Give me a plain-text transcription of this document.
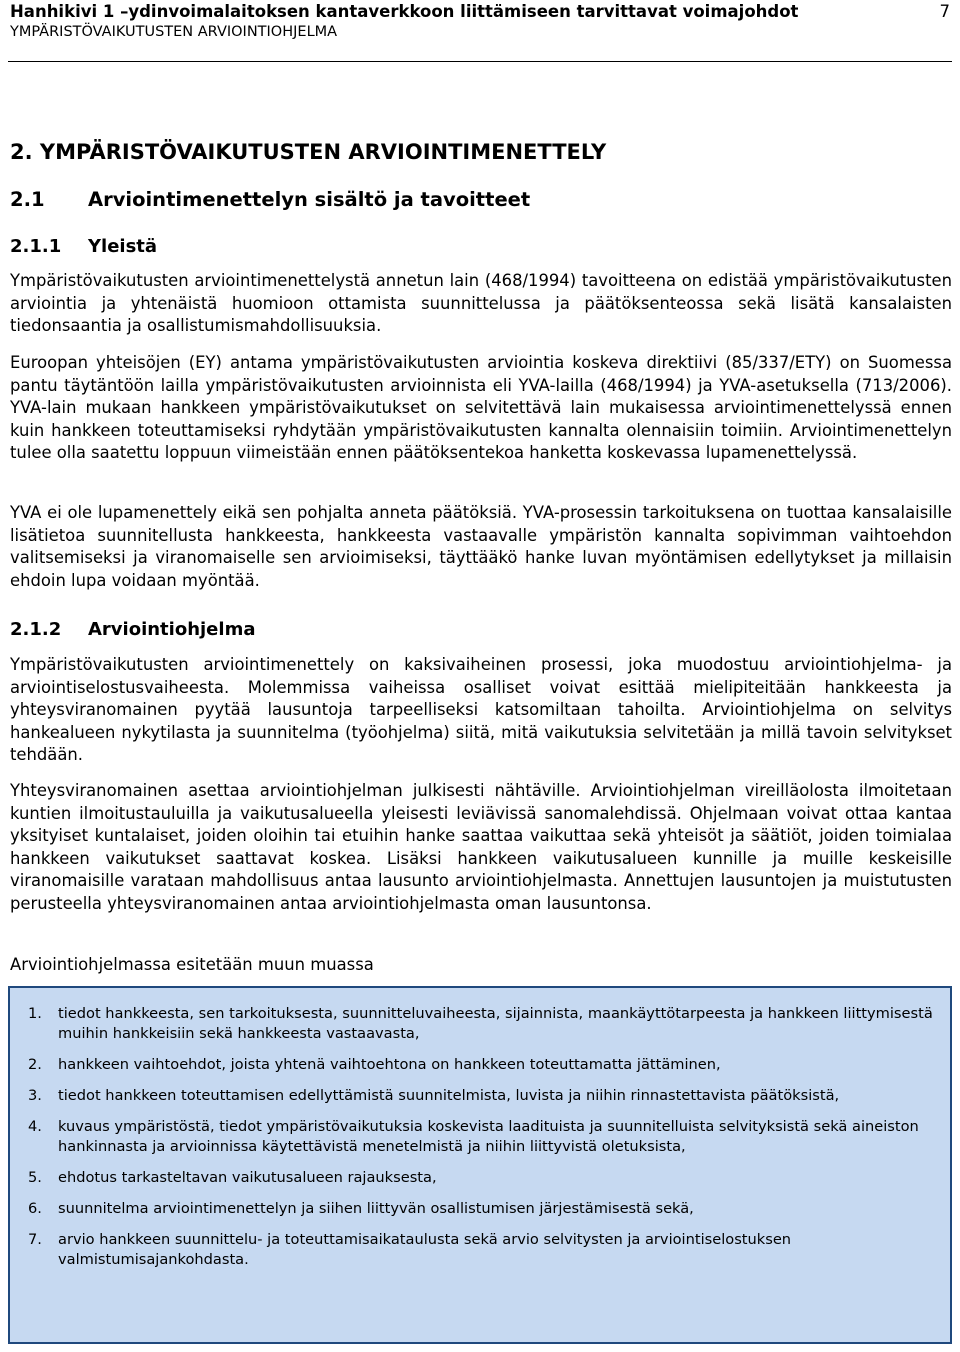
Hanhikivi 1 –ydinvoimalaitoksen kantaverkkoon liittämiseen tarvittavat voimajohdot	7
YMPÄRISTÖVAIKUTUSTEN ARVIOINTIOHJELMA
2. YMPÄRISTÖVAIKUTUSTEN ARVIOINTIMENETTELY
2.1 Arviointimenettelyn sisältö ja tavoitteet
2.1.1 Yleistä

Ympäristövaikutusten arviointimenettelystä annetun lain (468/1994) tavoitteena on edistää ympäristövaikutusten arviointia ja yhtenäistä huomioon ottamista suunnittelussa ja päätöksenteossa sekä lisätä kansalaisten tiedonsaantia ja osallistumismahdollisuuksia.

Euroopan yhteisöjen (EY) antama ympäristövaikutusten arviointia koskeva direktiivi (85/337/ETY) on Suomessa pantu täytäntöön lailla ympäristövaikutusten arvioinnista eli YVA-lailla (468/1994) ja YVA-asetuksella (713/2006). YVA-lain mukaan hankkeen ympäristövaikutukset on selvitettävä lain mukaisessa arviointimenettelyssä ennen kuin hankkeen toteuttamiseksi ryhdytään ympäristövaikutusten kannalta olennaisiin toimiin. Arviointimenettelyn tulee olla saatettu loppuun viimeistään ennen päätöksentekoa hanketta koskevassa lupamenettelyssä.

YVA ei ole lupamenettely eikä sen pohjalta anneta päätöksiä. YVA-prosessin tarkoituksena on tuottaa kansalaisille lisätietoa suunnitellusta hankkeesta, hankkeesta vastaavalle ympäristön kannalta sopivimman vaihtoehdon valitsemiseksi ja viranomaiselle sen arvioimiseksi, täyttääkö hanke luvan myöntämisen edellytykset ja millaisin ehdoin lupa voidaan myöntää.

2.1.2 Arviointiohjelma

Ympäristövaikutusten arviointimenettely on kaksivaiheinen prosessi, joka muodostuu arviointiohjelma- ja arviointiselostusvaiheesta. Molemmissa vaiheissa osalliset voivat esittää mielipiteitään hankkeesta ja yhteysviranomainen pyytää lausuntoja tarpeelliseksi katsomiltaan tahoilta. Arviointiohjelma on selvitys hankealueen nykytilasta ja suunnitelma (työohjelma) siitä, mitä vaikutuksia selvitetään ja millä tavoin selvitykset tehdään.

Yhteysviranomainen asettaa arviointiohjelman julkisesti nähtäville. Arviointiohjelman vireilläolosta ilmoitetaan kuntien ilmoitustauluilla ja vaikutusalueella yleisesti leviävissä sanomalehdissä. Ohjelmaan voivat ottaa kantaa yksityiset kuntalaiset, joiden oloihin tai etuihin hanke saattaa vaikuttaa sekä yhteisöt ja säätiöt, joiden toimialaa hankkeen vaikutukset saattavat koskea. Lisäksi hankkeen vaikutusalueen kunnille ja muille keskeisille viranomaisille varataan mahdollisuus antaa lausunto arviointiohjelmasta. Annettujen lausuntojen ja muistutusten perusteella yhteysviranomainen antaa arviointiohjelmasta oman lausuntonsa.

Arviointiohjelmassa esitetään muun muassa

1. tiedot hankkeesta, sen tarkoituksesta, suunnitteluvaiheesta, sijainnista, maankäyttötarpeesta ja hankkeen liittymisestä muihin hankkeisiin sekä hankkeesta vastaavasta,
2. hankkeen vaihtoehdot, joista yhtenä vaihtoehtona on hankkeen toteuttamatta jättäminen,
3. tiedot hankkeen toteuttamisen edellyttämistä suunnitelmista, luvista ja niihin rinnastettavista päätöksistä,
4. kuvaus ympäristöstä, tiedot ympäristövaikutuksia koskevista laadituista ja suunnitelluista selvityksistä sekä aineiston hankinnasta ja arvioinnissa käytettävistä menetelmistä ja niihin liittyvistä oletuksista,
5. ehdotus tarkasteltavan vaikutusalueen rajauksesta,
6. suunnitelma arviointimenettelyn ja siihen liittyvän osallistumisen järjestämisestä sekä,
7. arvio hankkeen suunnittelu- ja toteuttamisaikataulusta sekä arvio selvitysten ja arviointiselostuksen valmistumisajankohdasta.
